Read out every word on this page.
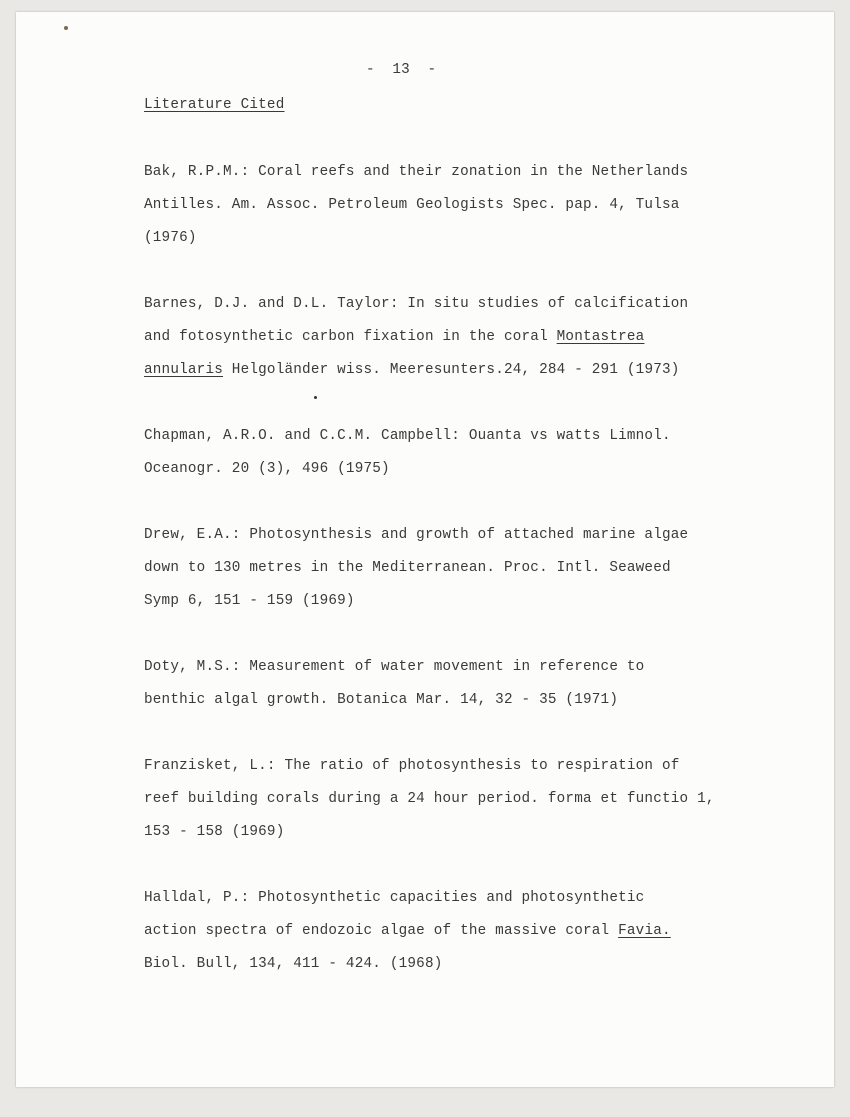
-  13  -
Literature Cited
Bak, R.P.M.: Coral reefs and their zonation in the Netherlands
Antilles. Am. Assoc. Petroleum Geologists Spec. pap. 4, Tulsa
(1976)
Barnes, D.J. and D.L. Taylor: In situ studies of calcification
and fotosynthetic carbon fixation in the coral Montastrea
annularis Helgoländer wiss. Meeresunters.24, 284 - 291 (1973)
Chapman, A.R.O. and C.C.M. Campbell: Ouanta vs watts Limnol.
Oceanogr. 20 (3), 496 (1975)
Drew, E.A.: Photosynthesis and growth of attached marine algae
down to 130 metres in the Mediterranean. Proc. Intl. Seaweed
Symp 6, 151 - 159 (1969)
Doty, M.S.: Measurement of water movement in reference to
benthic algal growth. Botanica Mar. 14, 32 - 35 (1971)
Franzisket, L.: The ratio of photosynthesis to respiration of
reef building corals during a 24 hour period. forma et functio 1,
153 - 158 (1969)
Halldal, P.: Photosynthetic capacities and photosynthetic
action spectra of endozoic algae of the massive coral Favia.
Biol. Bull, 134, 411 - 424. (1968)
